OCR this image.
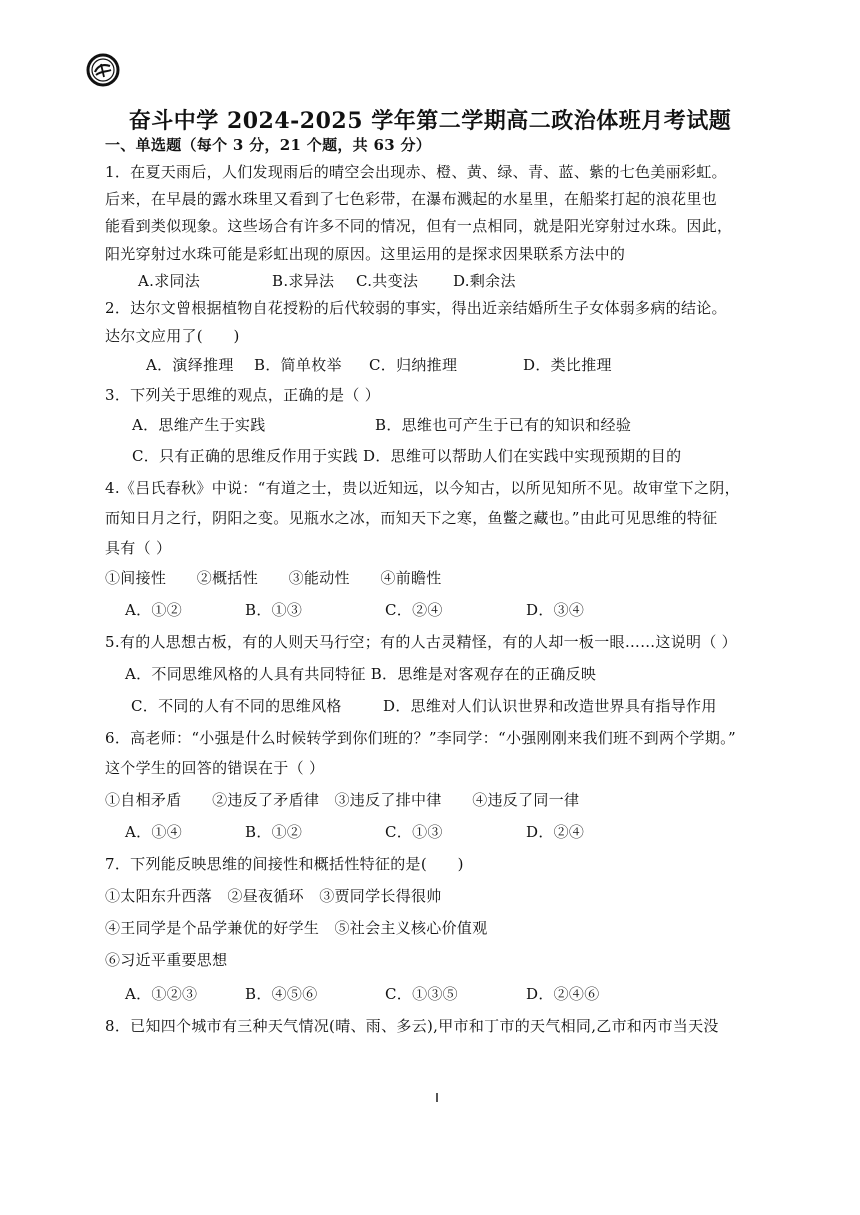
奋斗中学 2024-2025 学年第二学期高二政治体班月考试题
一、单选题（每个 3 分，21 个题，共 63 分）
1．在夏天雨后，人们发现雨后的晴空会出现赤、橙、黄、绿、青、蓝、紫的七色美丽彩虹。
后来，在早晨的露水珠里又看到了七色彩带，在瀑布溅起的水星里，在船桨打起的浪花里也
能看到类似现象。这些场合有许多不同的情况，但有一点相同，就是阳光穿射过水珠。因此，
阳光穿射过水珠可能是彩虹出现的原因。这里运用的是探求因果联系方法中的
A.求同法	B.求异法 C.共变法 D.剩余法
2．达尔文曾根据植物自花授粉的后代较弱的事实，得出近亲结婚所生子女体弱多病的结论。
达尔文应用了(　　)
A．演绎推理 B．简单枚举 C．归纳推理	D．类比推理
3．下列关于思维的观点，正确的是（ ）
A．思维产生于实践	B．思维也可产生于已有的知识和经验
C．只有正确的思维反作用于实践 D．思维可以帮助人们在实践中实现预期的目的
4.《吕氏春秋》中说：“有道之士，贵以近知远，以今知古，以所见知所不见。故审堂下之阴，
而知日月之行，阴阳之变。见瓶水之冰，而知天下之寒，鱼鳖之藏也。”由此可见思维的特征
具有（ ）
①间接性　　②概括性　　③能动性　　④前瞻性
A．①②	B．①③	C．②④	D．③④
5.有的人思想古板，有的人则天马行空；有的人古灵精怪，有的人却一板一眼……这说明（ ）
A．不同思维风格的人具有共同特征 B．思维是对客观存在的正确反映
C．不同的人有不同的思维风格	D．思维对人们认识世界和改造世界具有指导作用
6．高老师：“小强是什么时候转学到你们班的？”李同学：“小强刚刚来我们班不到两个学期。”
这个学生的回答的错误在于（ ）
①自相矛盾　　②违反了矛盾律　③违反了排中律　　④违反了同一律
A．①④	B．①②	C．①③	D．②④
7．下列能反映思维的间接性和概括性特征的是(　　)
①太阳东升西落　②昼夜循环　③贾同学长得很帅
④王同学是个品学兼优的好学生　⑤社会主义核心价值观
⑥习近平重要思想
A．①②③	B．④⑤⑥	C．①③⑤	D．②④⑥
8．已知四个城市有三种天气情况(晴、雨、多云),甲市和丁市的天气相同,乙市和丙市当天没
